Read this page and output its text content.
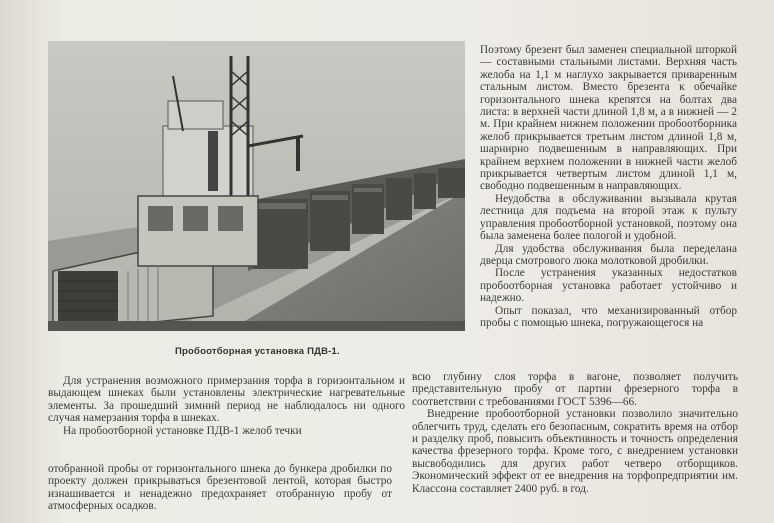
Пробоотборная установка ПДВ-1.

Поэтому брезент был заменен специальной шторкой — составными стальными листами. Верхняя часть желоба на 1,1 м наглухо закрывается приваренным стальным листом. Вместо брезента к обечайке горизонтального шнека крепятся на болтах два листа: в верхней части длиной 1,8 м, а в нижней — 2 м. При крайнем нижнем положении пробоотборника желоб прикрывается третьим листом длиной 1,8 м, шарнирно подвешенным в направляющих. При крайнем верхнем положении в нижней части желоб прикрывается четвертым листом длиной 1,1 м, свободно подвешенным в направляющих.

Неудобства в обслуживании вызывала крутая лестница для подъема на второй этаж к пульту управления пробоотборной установкой, поэтому она была заменена более пологой и удобной.

Для удобства обслуживания была переделана дверца смотрового люка молотковой дробилки.

После устранения указанных недостатков пробоотборная установка работает устойчиво и надежно.

Опыт показал, что механизированный отбор пробы с помощью шнека, погружающегося на

Для устранения возможного примерзания торфа в горизонтальном и выдающем шнеках были установлены электрические нагревательные элементы. За прошедший зимний период не наблюдалось ни одного случая намерзания торфа в шнеках.

На пробоотборной установке ПДВ-1 желоб течки

отобранной пробы от горизонтального шнека до бункера дробилки по проекту должен прикрываться брезентовой лентой, которая быстро изнашивается и ненадежно предохраняет отобранную пробу от атмосферных осадков.

всю глубину слоя торфа в вагоне, позволяет получить представительную пробу от партии фрезерного торфа в соответствии с требованиями ГОСТ 5396—66.

Внедрение пробоотборной установки позволило значительно облегчить труд, сделать его безопасным, сократить время на отбор и разделку проб, повысить объективность и точность определения качества фрезерного торфа. Кроме того, с внедрением установки высвободились для других работ четверо отборщиков. Экономический эффект от ее внедрения на торфопредприятии им. Классона составляет 2400 руб. в год.
